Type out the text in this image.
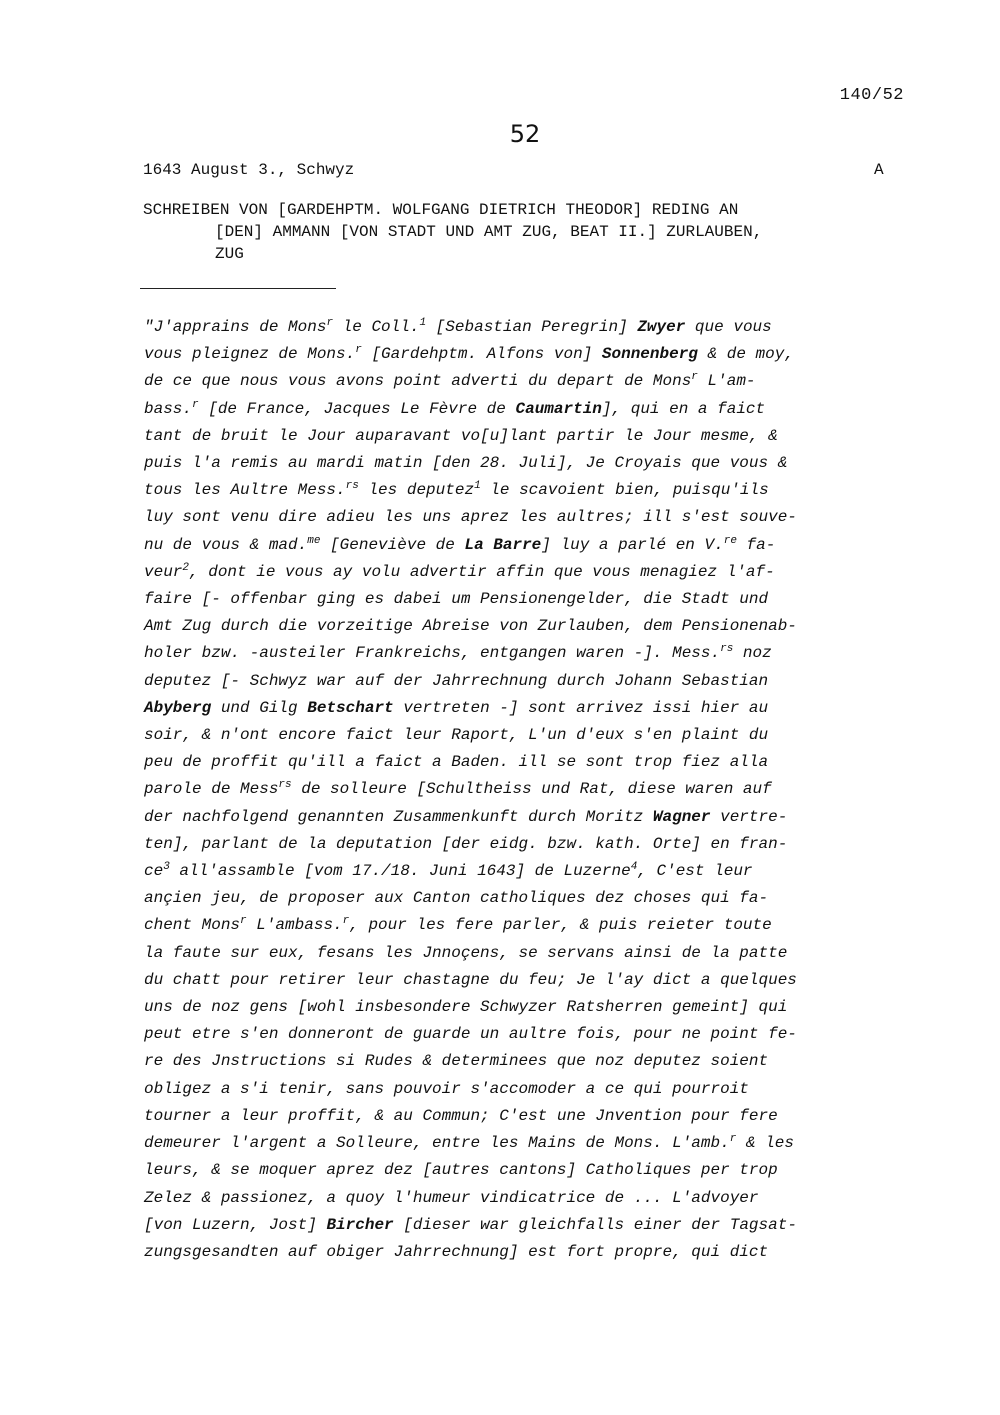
140/52
52
1643 August 3., Schwyz	A
SCHREIBEN VON [GARDEHPTM. WOLFGANG DIETRICH THEODOR] REDING AN
[DEN] AMMANN [VON STADT UND AMT ZUG, BEAT II.] ZURLAUBEN,
ZUG
"J'apprains de Mons$^r$ le Coll.$^1$ [Sebastian Peregrin] Zwyer que vous
vous pleignez de Mons.$^r$ [Gardehptm. Alfons von] Sonnenberg & de moy,
de ce que nous vous avons point adverti du depart de Mons$^r$ L'am-
bass.$^r$ [de France, Jacques Le Fèvre de Caumartin], qui en a faict
tant de bruit le Jour auparavant vo[u]lant partir le Jour mesme, &
puis l'a remis au mardi matin [den 28. Juli], Je Croyais que vous &
tous les Aultre Mess.$^{rs}$ les deputez$^1$ le scavoient bien, puisqu'ils
luy sont venu dire adieu les uns aprez les aultres; ill s'est souve-
nu de vous & mad.$^{me}$ [Geneviève de La Barre] luy a parlé en V.$^{re}$ fa-
veur$^2$, dont ie vous ay volu advertir affin que vous menagiez l'af-
faire [- offenbar ging es dabei um Pensionengelder, die Stadt und
Amt Zug durch die vorzeitige Abreise von Zurlauben, dem Pensionenab-
holer bzw. -austeiler Frankreichs, entgangen waren -]. Mess.$^{rs}$ noz
deputez [- Schwyz war auf der Jahrrechnung durch Johann Sebastian
Abyberg und Gilg Betschart vertreten -] sont arrivez issi hier au
soir, & n'ont encore faict leur Raport, L'un d'eux s'en plaint du
peu de proffit qu'ill a faict a Baden. ill se sont trop fiez alla
parole de Mess$^{rs}$ de solleure [Schultheiss und Rat, diese waren auf
der nachfolgend genannten Zusammenkunft durch Moritz Wagner vertre-
ten], parlant de la deputation [der eidg. bzw. kath. Orte] en fran-
$ce^3$ all'assamble [vom 17./18. Juni 1643] de Luzerne$^4$, C'est leur
ançien jeu, de proposer aux Canton catholiques dez choses qui fa-
chent Mons$^r$ L'ambass.$^r$, pour les fere parler, & puis reieter toute
la faute sur eux, fesans les Jnnoçens, se servans ainsi de la patte
du chatt pour retirer leur chastagne du feu; Je l'ay dict a quelques
uns de noz gens [wohl insbesondere Schwyzer Ratsherren gemeint] qui
peut etre s'en donneront de guarde un aultre fois, pour ne point fe-
re des Jnstructions si Rudes & determinees que noz deputez soient
obligez a s'i tenir, sans pouvoir s'accomoder a ce qui pourroit
tourner a leur proffit, & au Commun; C'est une Jnvention pour fere
demeurer l'argent a Solleure, entre les Mains de Mons. L'amb.$^r$ & les
leurs, & se moquer aprez dez [autres cantons] Catholiques per trop
Zelez & passionez, a quoy l'humeur vindicatrice de ... L'advoyer
[von Luzern, Jost] Bircher [dieser war gleichfalls einer der Tagsat-
zungsgesandten auf obiger Jahrrechnung] est fort propre, qui dict
